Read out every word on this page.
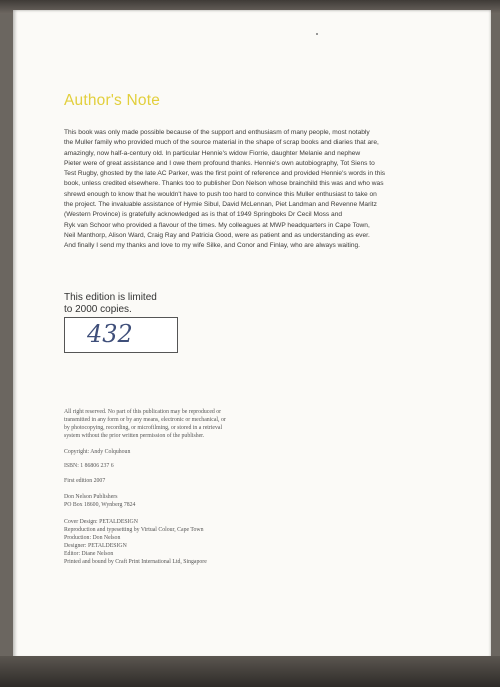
Author's Note

This book was only made possible because of the support and enthusiasm of many people, most notably

the Muller family who provided much of the source material in the shape of scrap books and diaries that are,

amazingly, now half-a-century old. In particular Hennie's widow Fiorrie, daughter Melanie and nephew

Pieter were of great assistance and I owe them profound thanks. Hennie's own autobiography, Tot Siens to

Test Rugby, ghosted by the late AC Parker, was the first point of reference and provided Hennie's words in this

book, unless credited elsewhere. Thanks too to publisher Don Nelson whose brainchild this was and who was

shrewd enough to know that he wouldn't have to push too hard to convince this Muller enthusiast to take on

the project. The invaluable assistance of Hymie Sibul, David McLennan, Piet Landman and Revenne Maritz

(Western Province) is gratefully acknowledged as is that of 1949 Springboks Dr Cecil Moss and

Ryk van Schoor who provided a flavour of the times. My colleagues at MWP headquarters in Cape Town,

Neil Manthorp, Alison Ward, Craig Ray and Patricia Good, were as patient and as understanding as ever.

And finally I send my thanks and love to my wife Silke, and Conor and Finlay, who are always waiting.

This edition is limited

to 2000 copies.

432

All right reserved. No part of this publication may be reproduced or

transmitted in any form or by any means, electronic or mechanical, or

by photocopying, recording, or microfilming, or stored in a retrieval

system without the prior written permission of the publisher.

Copyright: Andy Colquhoun

ISBN: 1 86806 237 6

First edition 2007

Don Nelson Publishers

PO Box 18600, Wynberg 7824

Cover Design: PETALDESIGN

Reproduction and typesetting by Virtual Colour, Cape Town

Production: Don Nelson

Designer: PETALDESIGN

Editor: Diane Nelson

Printed and bound by Craft Print International Ltd, Singapore
